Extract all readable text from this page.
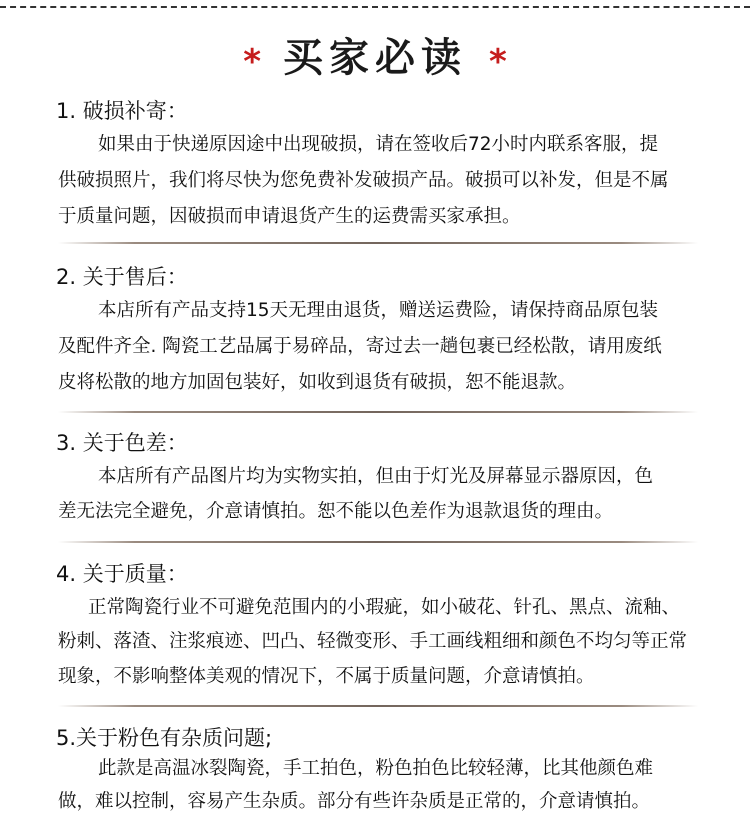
* 买家必读 *
1. 破损补寄：
如果由于快递原因途中出现破损，请在签收后72小时内联系客服，提
供破损照片，我们将尽快为您免费补发破损产品。破损可以补发，但是不属
于质量问题，因破损而申请退货产生的运费需买家承担。
2. 关于售后：
本店所有产品支持15天无理由退货，赠送运费险，请保持商品原包装
及配件齐全. 陶瓷工艺品属于易碎品，寄过去一趟包裹已经松散，请用废纸
皮将松散的地方加固包装好，如收到退货有破损，恕不能退款。
3. 关于色差：
本店所有产品图片均为实物实拍，但由于灯光及屏幕显示器原因，色
差无法完全避免，介意请慎拍。恕不能以色差作为退款退货的理由。
4. 关于质量：
正常陶瓷行业不可避免范围内的小瑕疵，如小破花、针孔、黑点、流釉、
粉刺、落渣、注浆痕迹、凹凸、轻微变形、手工画线粗细和颜色不均匀等正常
现象，不影响整体美观的情况下，不属于质量问题，介意请慎拍。
5.关于粉色有杂质问题;
此款是高温冰裂陶瓷，手工拍色，粉色拍色比较轻薄，比其他颜色难
做，难以控制，容易产生杂质。部分有些许杂质是正常的，介意请慎拍。
